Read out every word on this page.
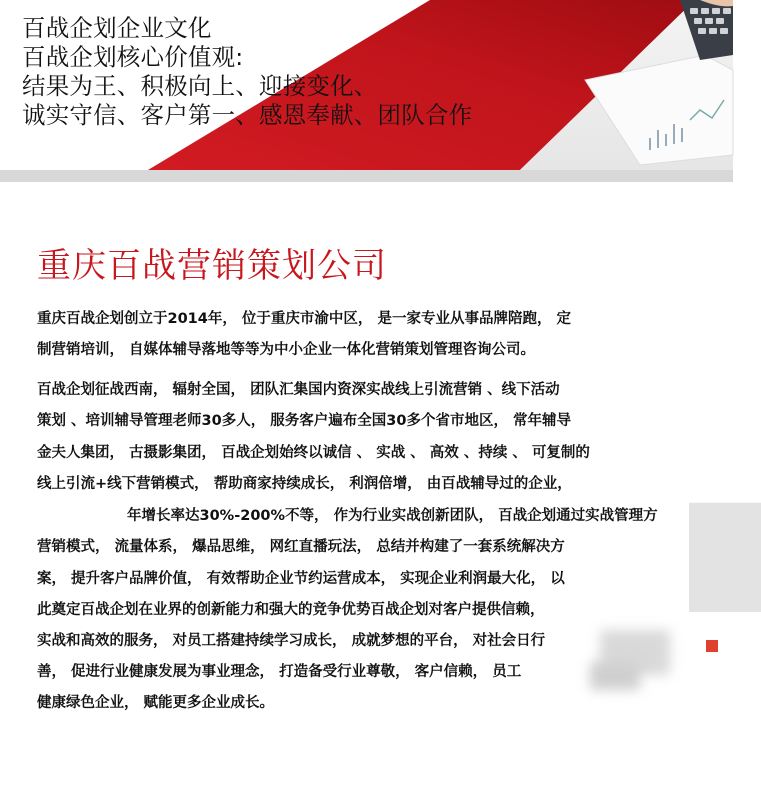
百战企划企业文化
百战企划核心价值观:
结果为王、积极向上、迎接变化、
诚实守信、客户第一、感恩奉献、团队合作
重庆百战营销策划公司
重庆百战企划创立于2014年， 位于重庆市渝中区， 是一家专业从事品牌陪跑， 定
制营销培训， 自媒体辅导落地等等为中小企业一体化营销策划管理咨询公司。
百战企划征战西南， 辐射全国， 团队汇集国内资深实战线上引流营销 、线下活动
策划 、培训辅导管理老师30多人， 服务客户遍布全国30多个省市地区， 常年辅导
金夫人集团， 古摄影集团， 百战企划始终以诚信 、 实战 、 高效 、持续 、 可复制的
线上引流+线下营销模式， 帮助商家持续成长， 利润倍增， 由百战辅导过的企业，
年增长率达30%-200%不等， 作为行业实战创新团队， 百战企划通过实战管理方
营销模式， 流量体系， 爆品思维， 网红直播玩法， 总结并构建了一套系统解决方
案， 提升客户品牌价值， 有效帮助企业节约运营成本， 实现企业利润最大化， 以
此奠定百战企划在业界的创新能力和强大的竞争优势百战企划对客户提供信赖，
实战和高效的服务， 对员工搭建持续学习成长， 成就梦想的平台， 对社会日行
善， 促进行业健康发展为事业理念， 打造备受行业尊敬， 客户信赖， 员工
健康绿色企业， 赋能更多企业成长。
█
